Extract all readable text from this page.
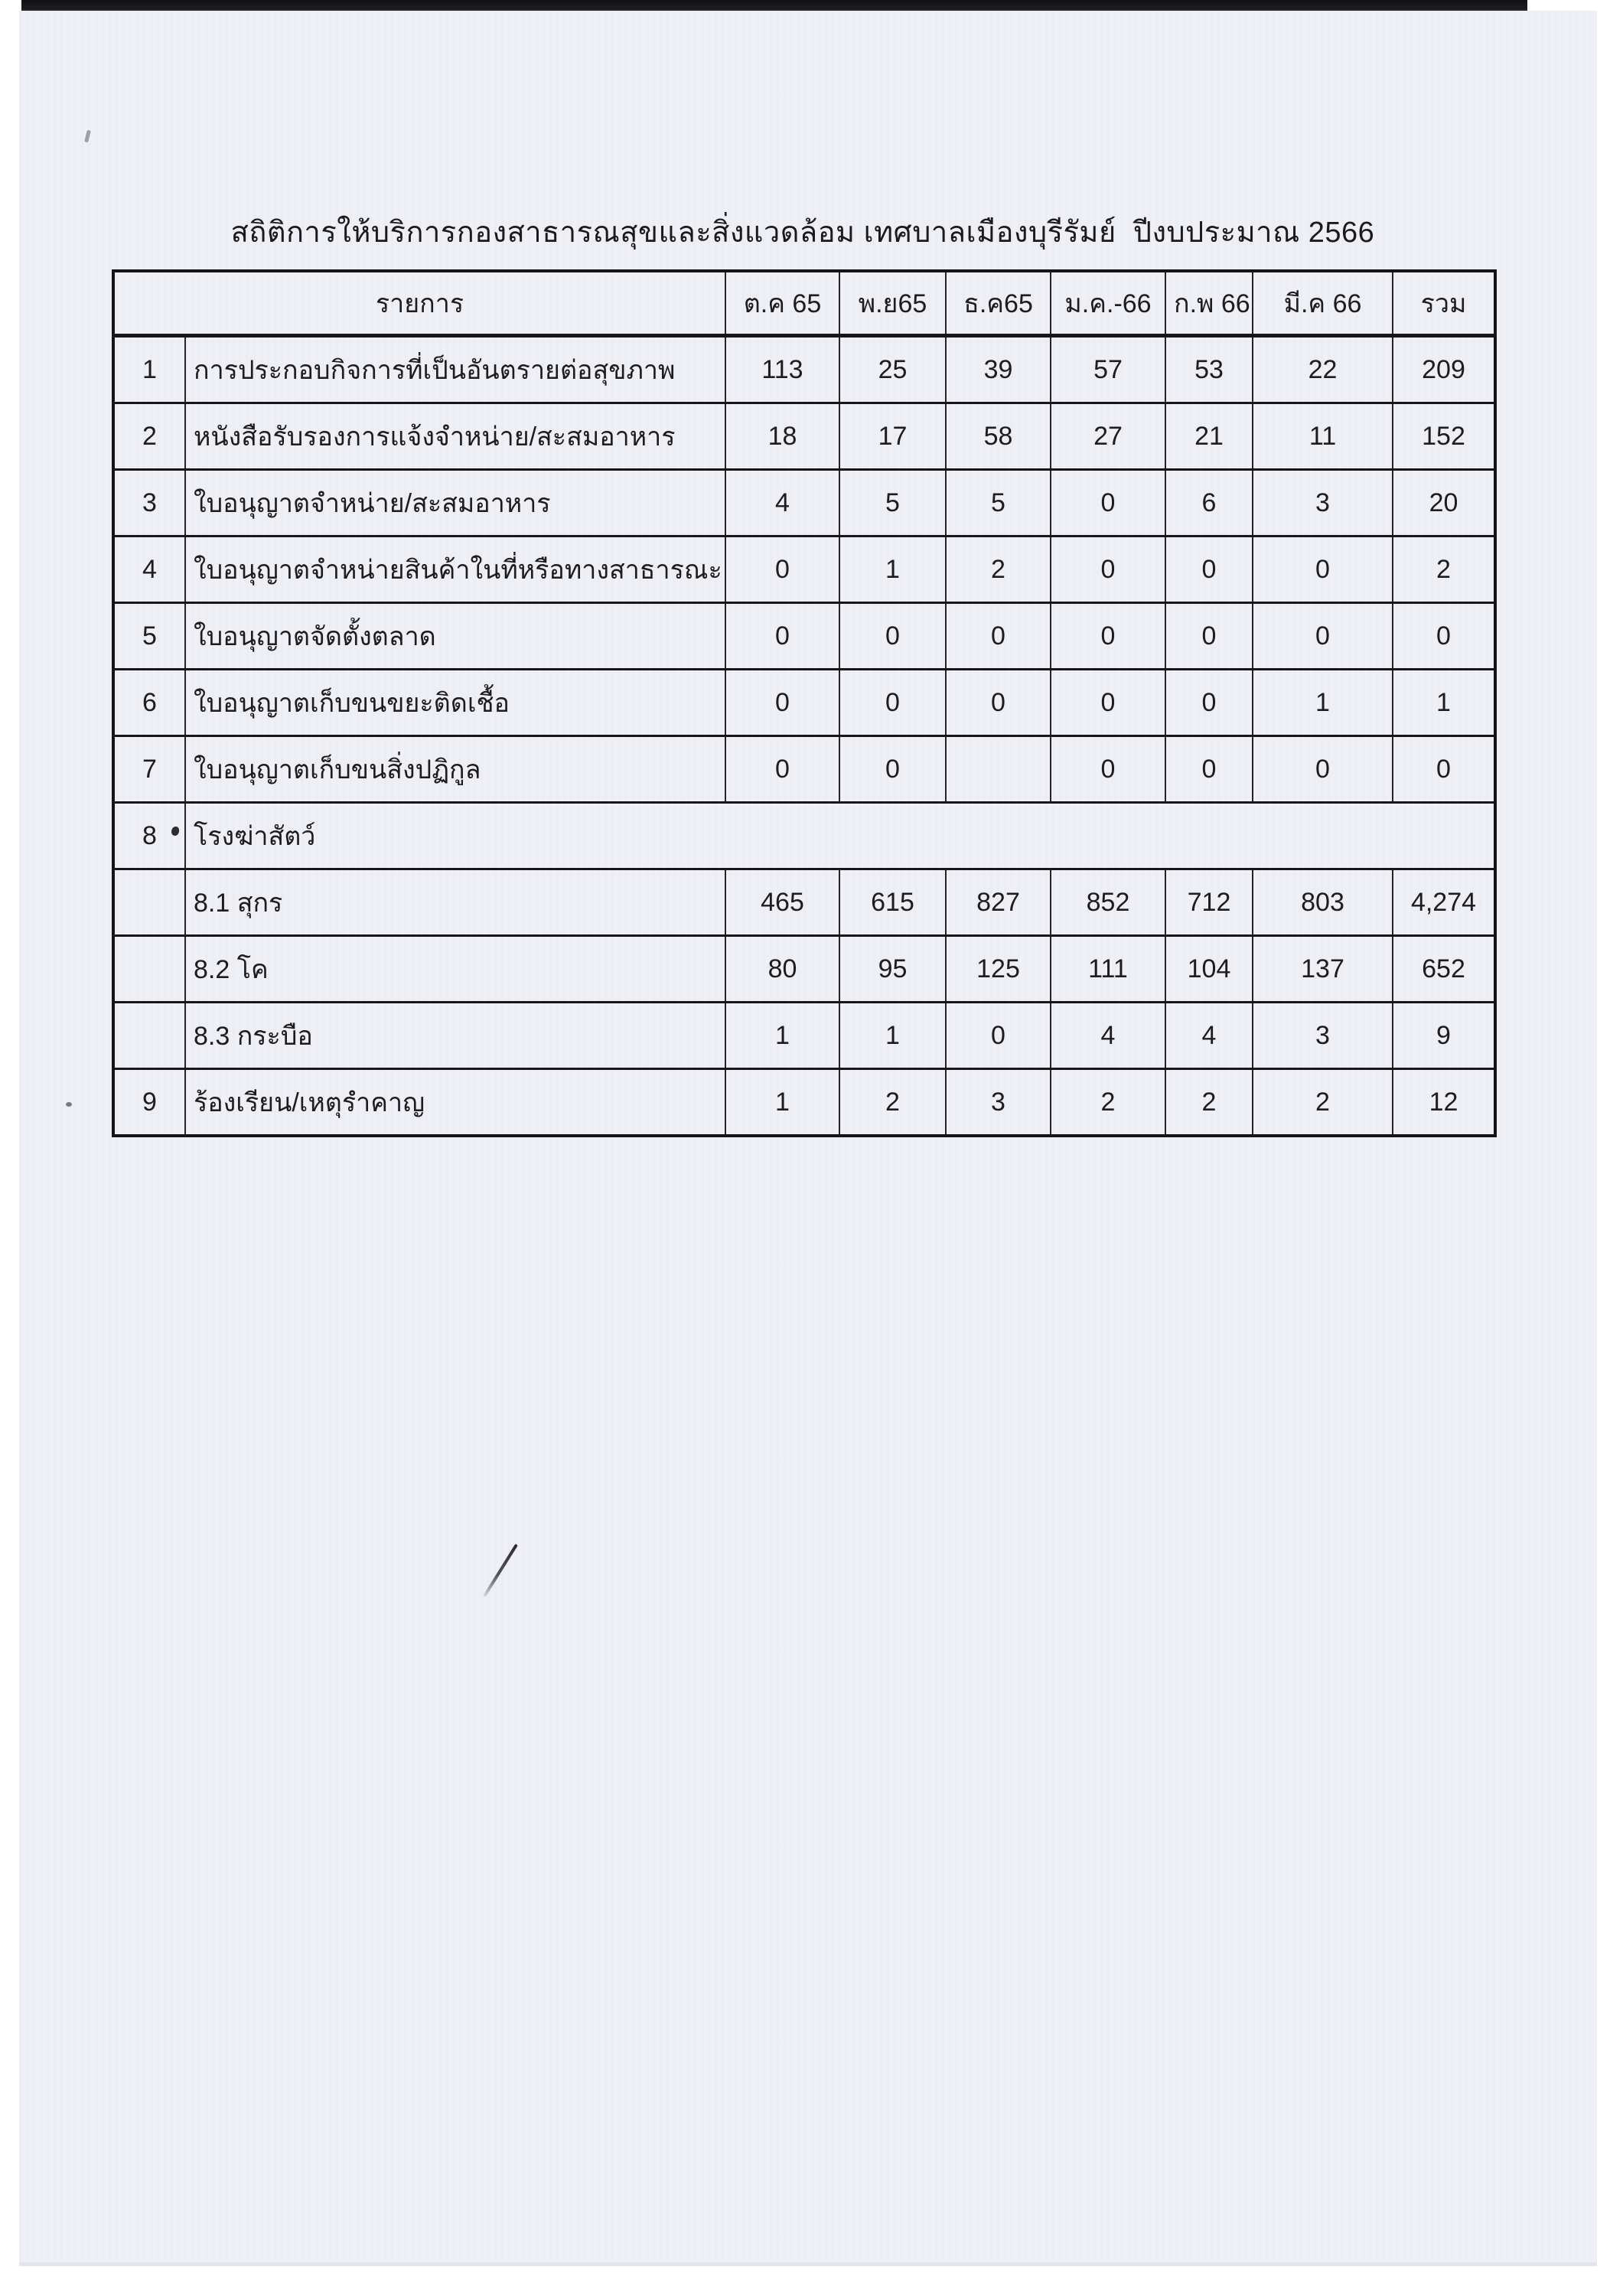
สถิติการให้บริการกองสาธารณสุขและสิ่งแวดล้อม เทศบาลเมืองบุรีรัมย์  ปีงบประมาณ 2566
รายการ		ต.ค 65	พ.ย65	ธ.ค65	ม.ค.-66	ก.พ 66	มี.ค 66	รวม
1	การประกอบกิจการที่เป็นอันตรายต่อสุขภาพ	113	25	39	57	53	22	209
2	หนังสือรับรองการแจ้งจำหน่าย/สะสมอาหาร	18	17	58	27	21	11	152
3	ใบอนุญาตจำหน่าย/สะสมอาหาร	4	5	5	0	6	3	20
4	ใบอนุญาตจำหน่ายสินค้าในที่หรือทางสาธารณะ	0	1	2	0	0	0	2
5	ใบอนุญาตจัดตั้งตลาด	0	0	0	0	0	0	0
6	ใบอนุญาตเก็บขนขยะติดเชื้อ	0	0	0	0	0	1	1
7	ใบอนุญาตเก็บขนสิ่งปฏิกูล	0	0		0	0	0	0
8	โรงฆ่าสัตว์							
	8.1 สุกร	465	615	827	852	712	803	4,274
	8.2 โค	80	95	125	111	104	137	652
	8.3 กระบือ	1	1	0	4	4	3	9
9	ร้องเรียน/เหตุรำคาญ	1	2	3	2	2	2	12
